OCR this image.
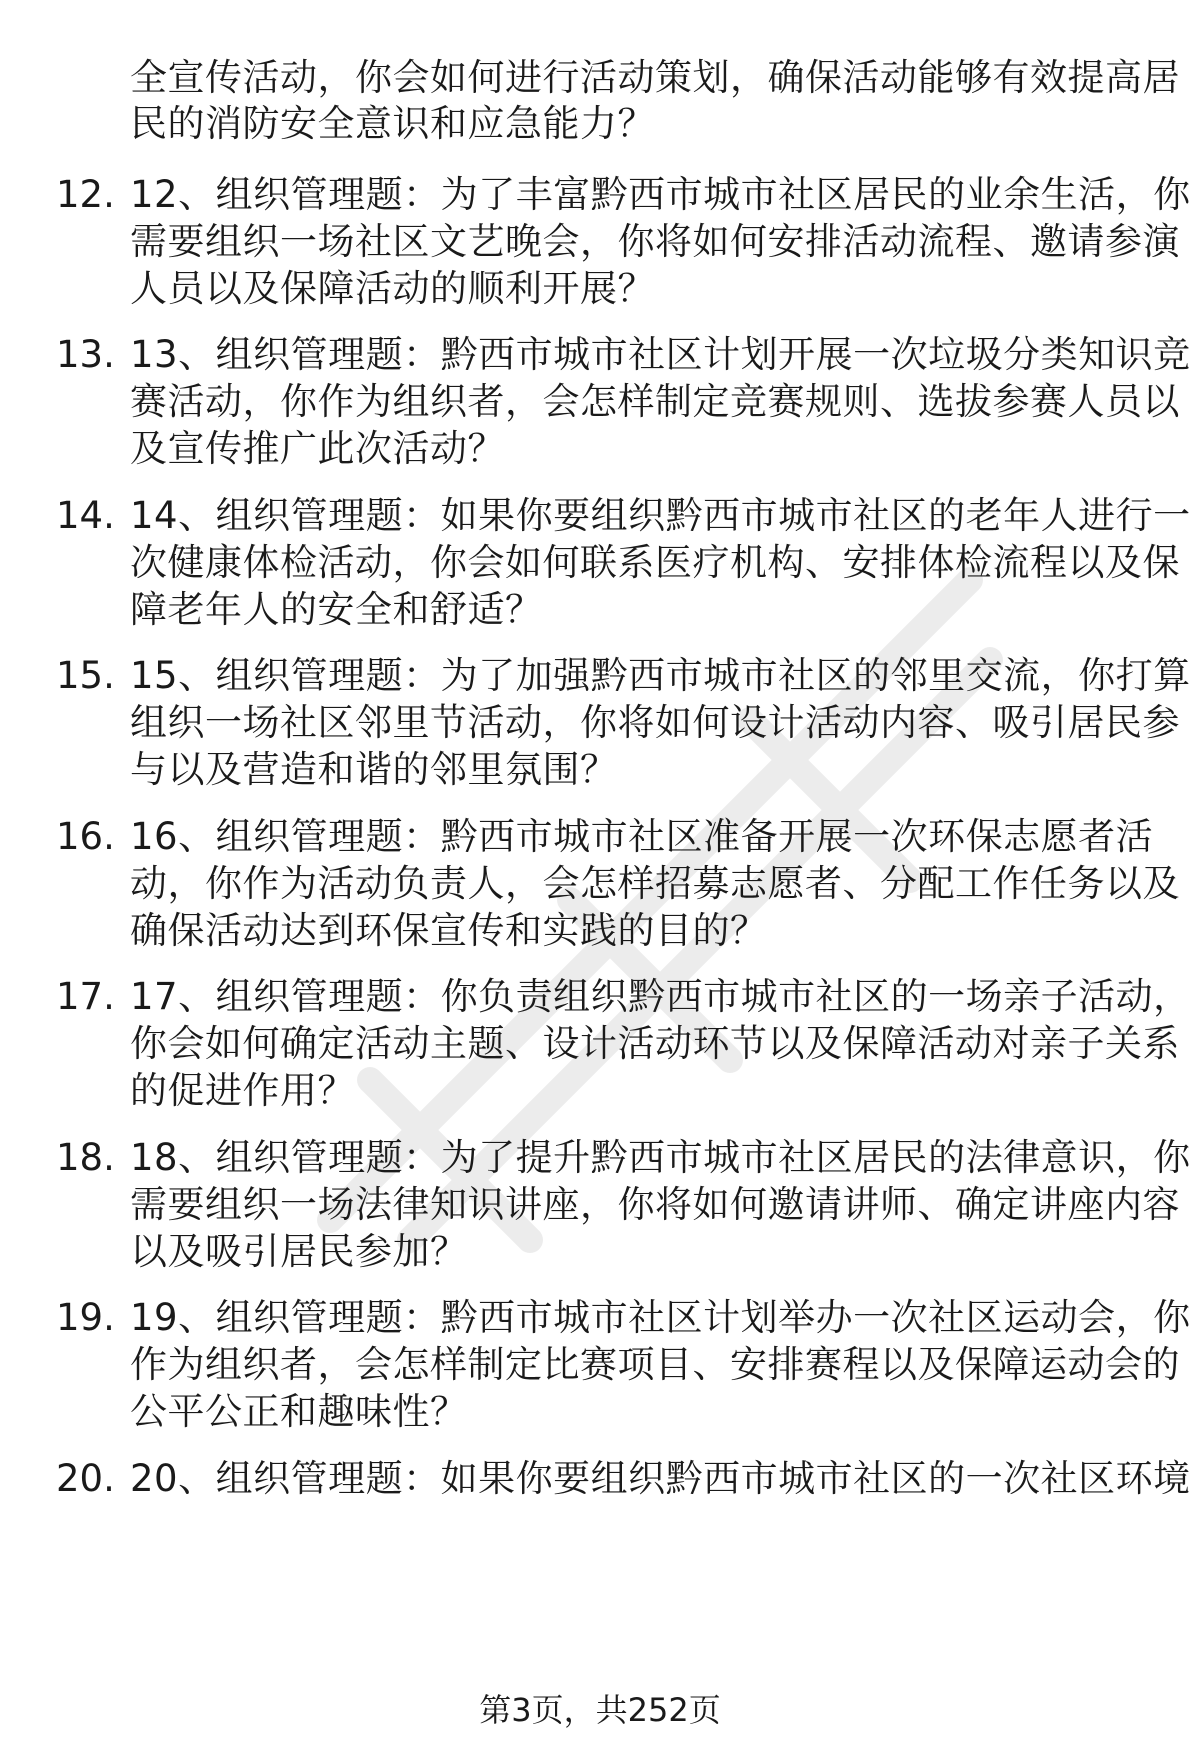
全宣传活动，你会如何进行活动策划，确保活动能够有效提高居
民的消防安全意识和应急能力？
12. 12、组织管理题：为了丰富黔西市城市社区居民的业余生活，你
需要组织一场社区文艺晚会，你将如何安排活动流程、邀请参演
人员以及保障活动的顺利开展？
13. 13、组织管理题：黔西市城市社区计划开展一次垃圾分类知识竞
赛活动，你作为组织者，会怎样制定竞赛规则、选拔参赛人员以
及宣传推广此次活动？
14. 14、组织管理题：如果你要组织黔西市城市社区的老年人进行一
次健康体检活动，你会如何联系医疗机构、安排体检流程以及保
障老年人的安全和舒适？
15. 15、组织管理题：为了加强黔西市城市社区的邻里交流，你打算
组织一场社区邻里节活动，你将如何设计活动内容、吸引居民参
与以及营造和谐的邻里氛围？
16. 16、组织管理题：黔西市城市社区准备开展一次环保志愿者活
动，你作为活动负责人，会怎样招募志愿者、分配工作任务以及
确保活动达到环保宣传和实践的目的？
17. 17、组织管理题：你负责组织黔西市城市社区的一场亲子活动，
你会如何确定活动主题、设计活动环节以及保障活动对亲子关系
的促进作用？
18. 18、组织管理题：为了提升黔西市城市社区居民的法律意识，你
需要组织一场法律知识讲座，你将如何邀请讲师、确定讲座内容
以及吸引居民参加？
19. 19、组织管理题：黔西市城市社区计划举办一次社区运动会，你
作为组织者，会怎样制定比赛项目、安排赛程以及保障运动会的
公平公正和趣味性？
20. 20、组织管理题：如果你要组织黔西市城市社区的一次社区环境
第3页，共252页
